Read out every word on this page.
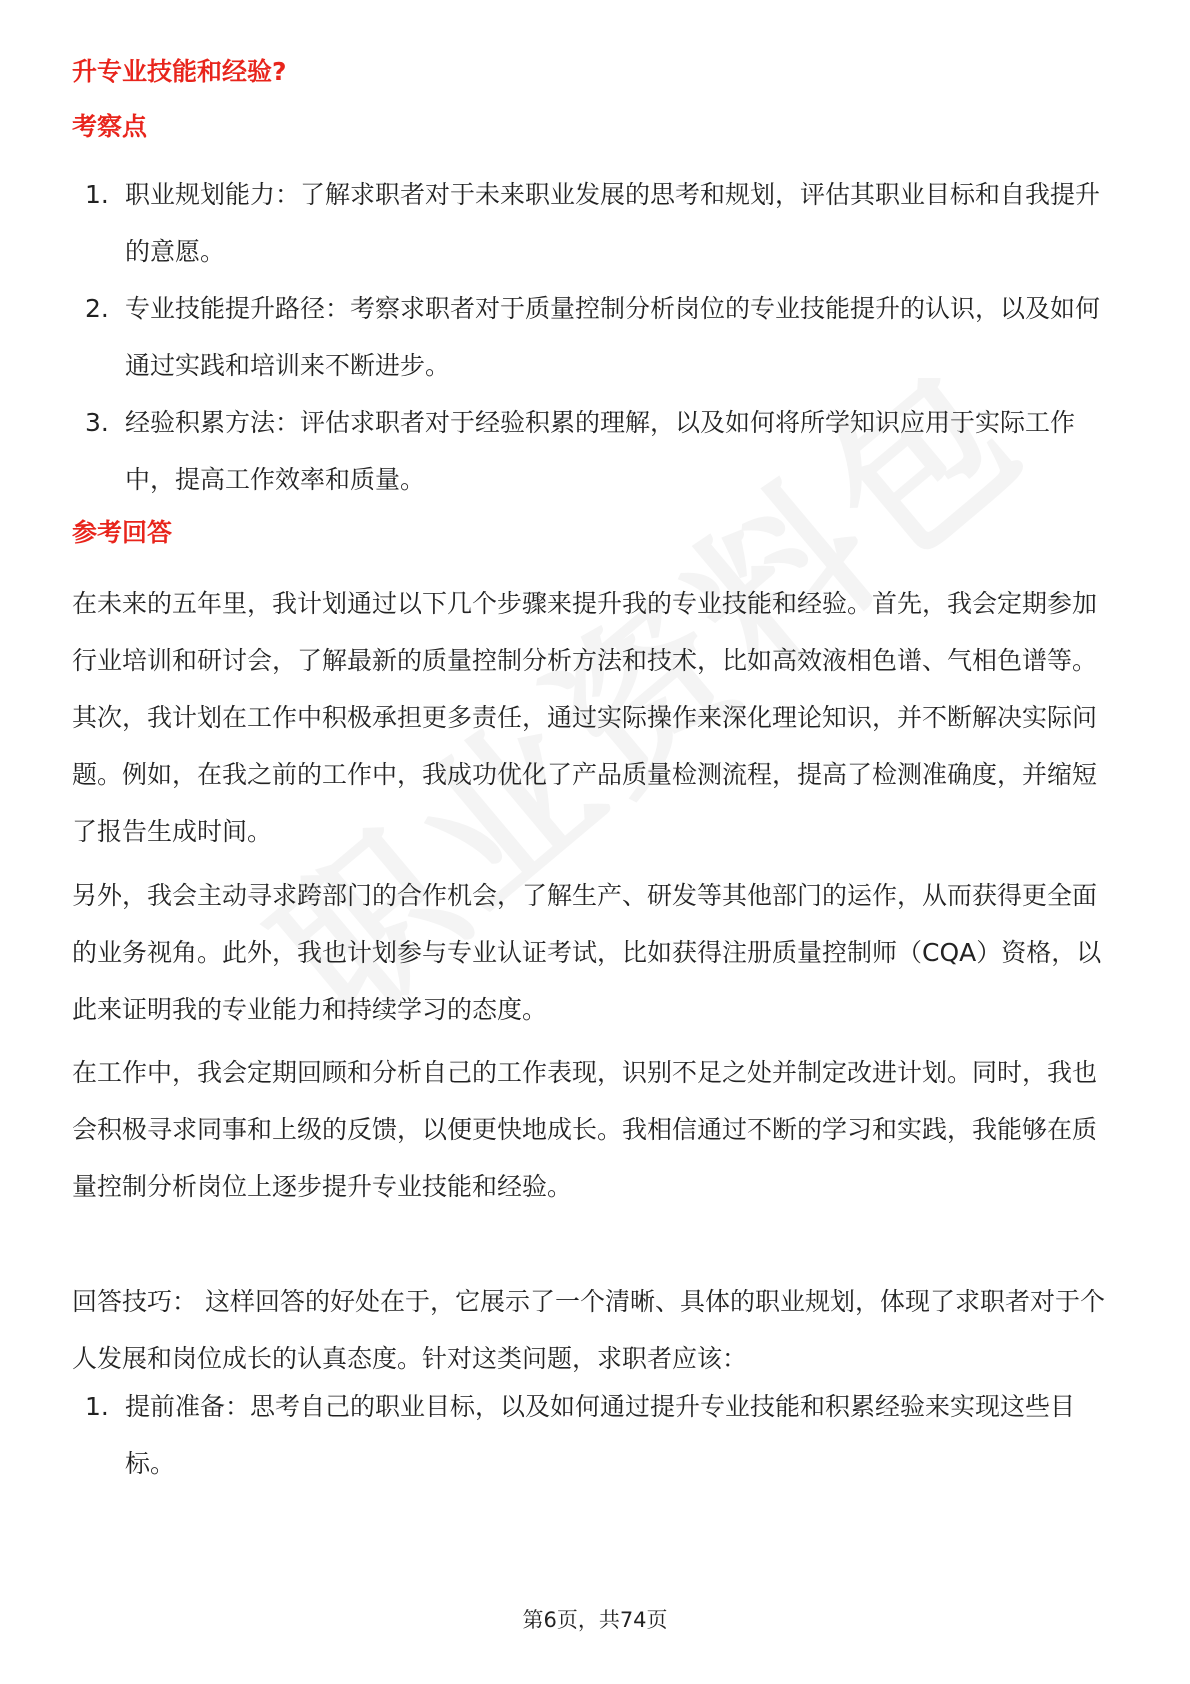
升专业技能和经验?
考察点
1. 职业规划能力：了解求职者对于未来职业发展的思考和规划，评估其职业目标和自我提升的意愿。
2. 专业技能提升路径：考察求职者对于质量控制分析岗位的专业技能提升的认识，以及如何通过实践和培训来不断进步。
3. 经验积累方法：评估求职者对于经验积累的理解，以及如何将所学知识应用于实际工作中，提高工作效率和质量。
参考回答

在未来的五年里，我计划通过以下几个步骤来提升我的专业技能和经验。首先，我会定期参加行业培训和研讨会，了解最新的质量控制分析方法和技术，比如高效液相色谱、气相色谱等。其次，我计划在工作中积极承担更多责任，通过实际操作来深化理论知识，并不断解决实际问题。例如，在我之前的工作中，我成功优化了产品质量检测流程，提高了检测准确度，并缩短了报告生成时间。

另外，我会主动寻求跨部门的合作机会，了解生产、研发等其他部门的运作，从而获得更全面的业务视角。此外，我也计划参与专业认证考试，比如获得注册质量控制师（CQA）资格，以此来证明我的专业能力和持续学习的态度。

在工作中，我会定期回顾和分析自己的工作表现，识别不足之处并制定改进计划。同时，我也会积极寻求同事和上级的反馈，以便更快地成长。我相信通过不断的学习和实践，我能够在质量控制分析岗位上逐步提升专业技能和经验。

回答技巧： 这样回答的好处在于，它展示了一个清晰、具体的职业规划，体现了求职者对于个人发展和岗位成长的认真态度。针对这类问题，求职者应该：

1. 提前准备：思考自己的职业目标，以及如何通过提升专业技能和积累经验来实现这些目标。
第6页，共74页
